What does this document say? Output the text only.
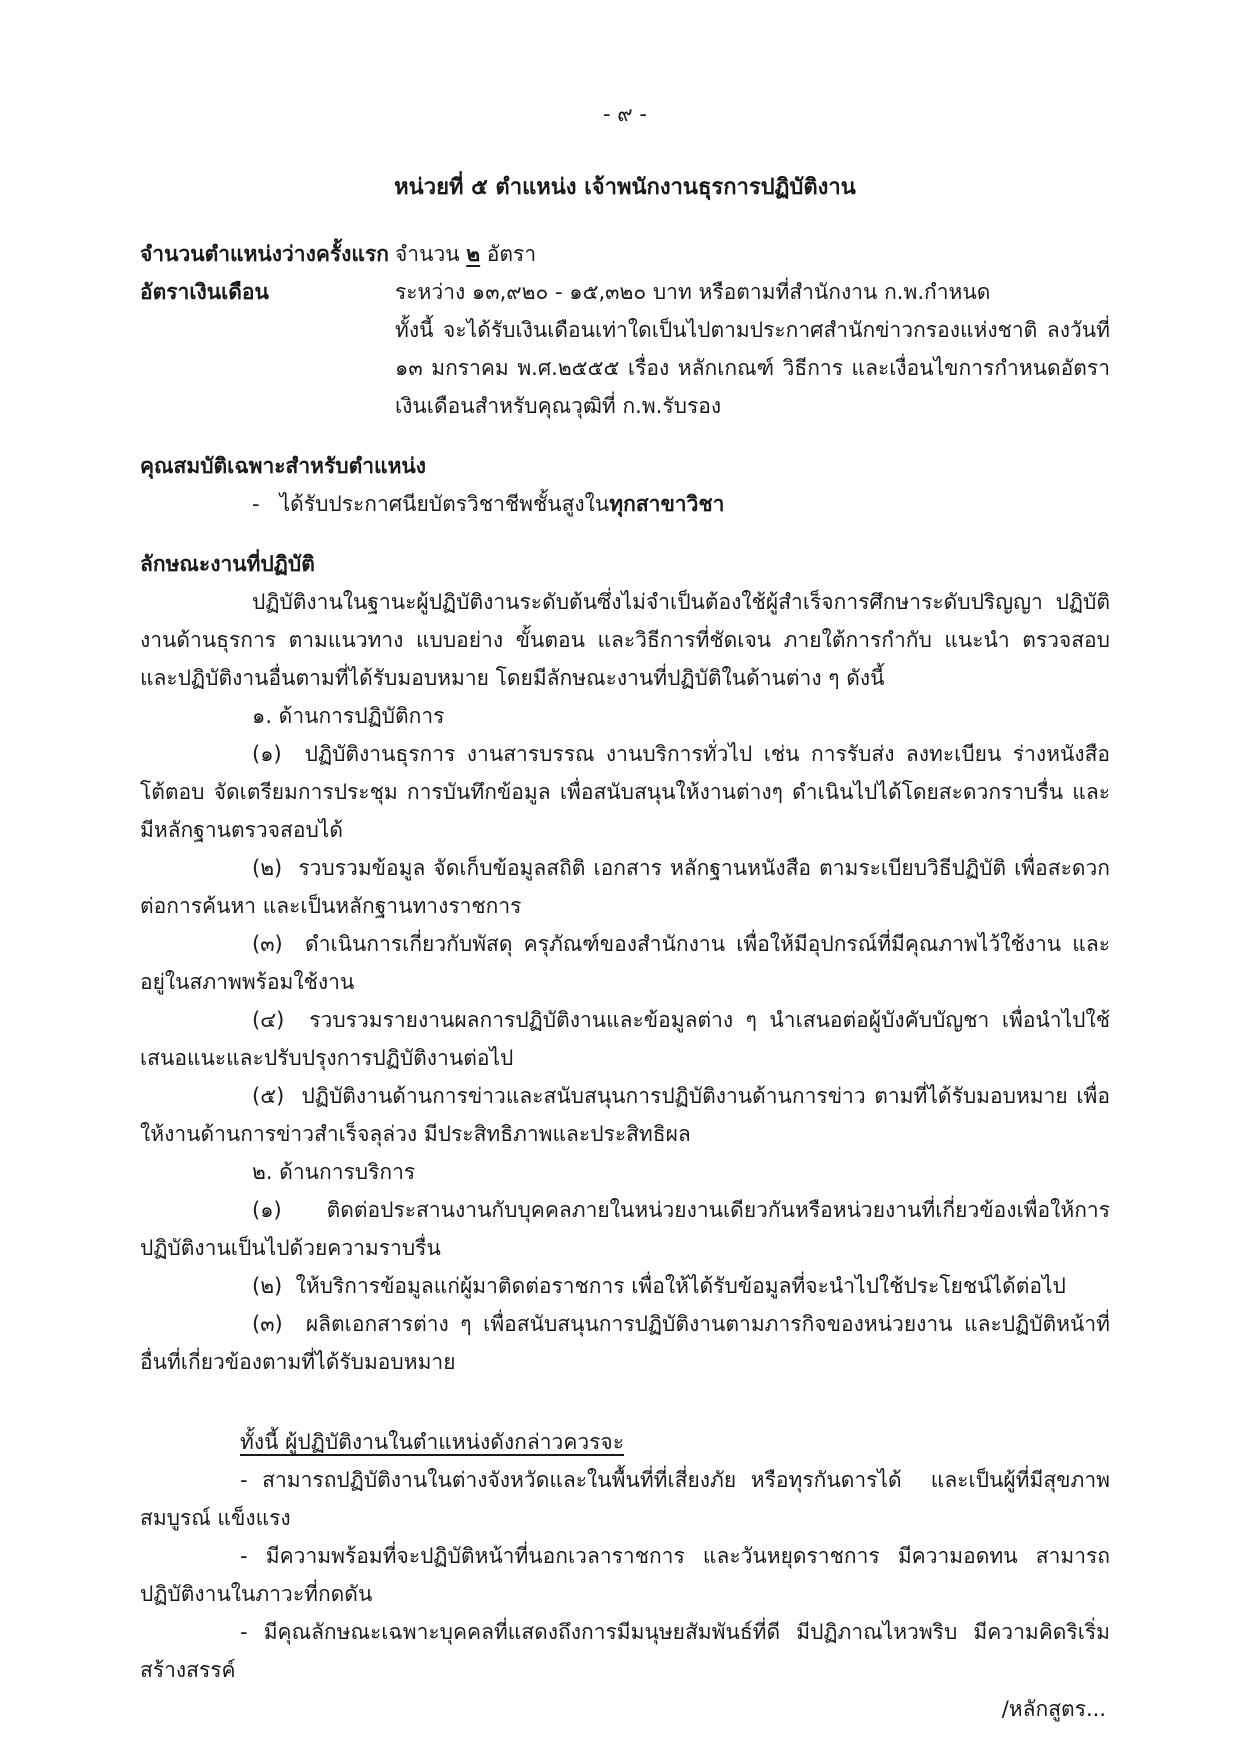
- ๙ -

หน่วยที่ ๕ ตำแหน่ง เจ้าพนักงานธุรการปฏิบัติงาน

จำนวนตำแหน่งว่างครั้งแรก จำนวน ๒ อัตรา
อัตราเงินเดือน	ระหว่าง ๑๓,๙๒๐ - ๑๕,๓๒๐ บาท หรือตามที่สำนักงาน ก.พ.กำหนด

ทั้งนี้ จะได้รับเงินเดือนเท่าใดเป็นไปตามประกาศสำนักข่าวกรองแห่งชาติ ลงวันที่ ๑๓ มกราคม พ.ศ.๒๕๕๕ เรื่อง หลักเกณฑ์ วิธีการ และเงื่อนไขการกำหนดอัตราเงินเดือนสำหรับคุณวุฒิที่ ก.พ.รับรอง

คุณสมบัติเฉพาะสำหรับตำแหน่ง

-   ได้รับประกาศนียบัตรวิชาชีพชั้นสูงในทุกสาขาวิชา

ลักษณะงานที่ปฏิบัติ

ปฏิบัติงานในฐานะผู้ปฏิบัติงานระดับต้นซึ่งไม่จำเป็นต้องใช้ผู้สำเร็จการศึกษาระดับปริญญา ปฏิบัติงานด้านธุรการ ตามแนวทาง แบบอย่าง ขั้นตอน และวิธีการที่ชัดเจน ภายใต้การกำกับ แนะนำ ตรวจสอบ และปฏิบัติงานอื่นตามที่ได้รับมอบหมาย โดยมีลักษณะงานที่ปฏิบัติในด้านต่าง ๆ ดังนี้

๑. ด้านการปฏิบัติการ

(๑)  ปฏิบัติงานธุรการ งานสารบรรณ งานบริการทั่วไป เช่น การรับส่ง ลงทะเบียน ร่างหนังสือโต้ตอบ จัดเตรียมการประชุม การบันทึกข้อมูล เพื่อสนับสนุนให้งานต่างๆ ดำเนินไปได้โดยสะดวกราบรื่น และมีหลักฐานตรวจสอบได้

(๒)  รวบรวมข้อมูล จัดเก็บข้อมูลสถิติ เอกสาร หลักฐานหนังสือ ตามระเบียบวิธีปฏิบัติ เพื่อสะดวกต่อการค้นหา และเป็นหลักฐานทางราชการ

(๓)  ดำเนินการเกี่ยวกับพัสดุ ครุภัณฑ์ของสำนักงาน เพื่อให้มีอุปกรณ์ที่มีคุณภาพไว้ใช้งาน และอยู่ในสภาพพร้อมใช้งาน

(๔)  รวบรวมรายงานผลการปฏิบัติงานและข้อมูลต่าง ๆ นำเสนอต่อผู้บังคับบัญชา เพื่อนำไปใช้เสนอแนะและปรับปรุงการปฏิบัติงานต่อไป

(๕)  ปฏิบัติงานด้านการข่าวและสนับสนุนการปฏิบัติงานด้านการข่าว ตามที่ได้รับมอบหมาย เพื่อให้งานด้านการข่าวสำเร็จลุล่วง มีประสิทธิภาพและประสิทธิผล

๒. ด้านการบริการ

(๑)  ติดต่อประสานงานกับบุคคลภายในหน่วยงานเดียวกันหรือหน่วยงานที่เกี่ยวข้องเพื่อให้การปฏิบัติงานเป็นไปด้วยความราบรื่น

(๒)  ให้บริการข้อมูลแก่ผู้มาติดต่อราชการ เพื่อให้ได้รับข้อมูลที่จะนำไปใช้ประโยชน์ได้ต่อไป

(๓)  ผลิตเอกสารต่าง ๆ เพื่อสนับสนุนการปฏิบัติงานตามภารกิจของหน่วยงาน และปฏิบัติหน้าที่อื่นที่เกี่ยวข้องตามที่ได้รับมอบหมาย

ทั้งนี้ ผู้ปฏิบัติงานในตำแหน่งดังกล่าวควรจะ

- สามารถปฏิบัติงานในต่างจังหวัดและในพื้นที่ที่เสี่ยงภัย หรือทุรกันดารได้  และเป็นผู้ที่มีสุขภาพสมบูรณ์ แข็งแรง

- มีความพร้อมที่จะปฏิบัติหน้าที่นอกเวลาราชการ และวันหยุดราชการ มีความอดทน สามารถปฏิบัติงานในภาวะที่กดดัน

- มีคุณลักษณะเฉพาะบุคคลที่แสดงถึงการมีมนุษยสัมพันธ์ที่ดี มีปฏิภาณไหวพริบ มีความคิดริเริ่มสร้างสรรค์

/หลักสูตร...
